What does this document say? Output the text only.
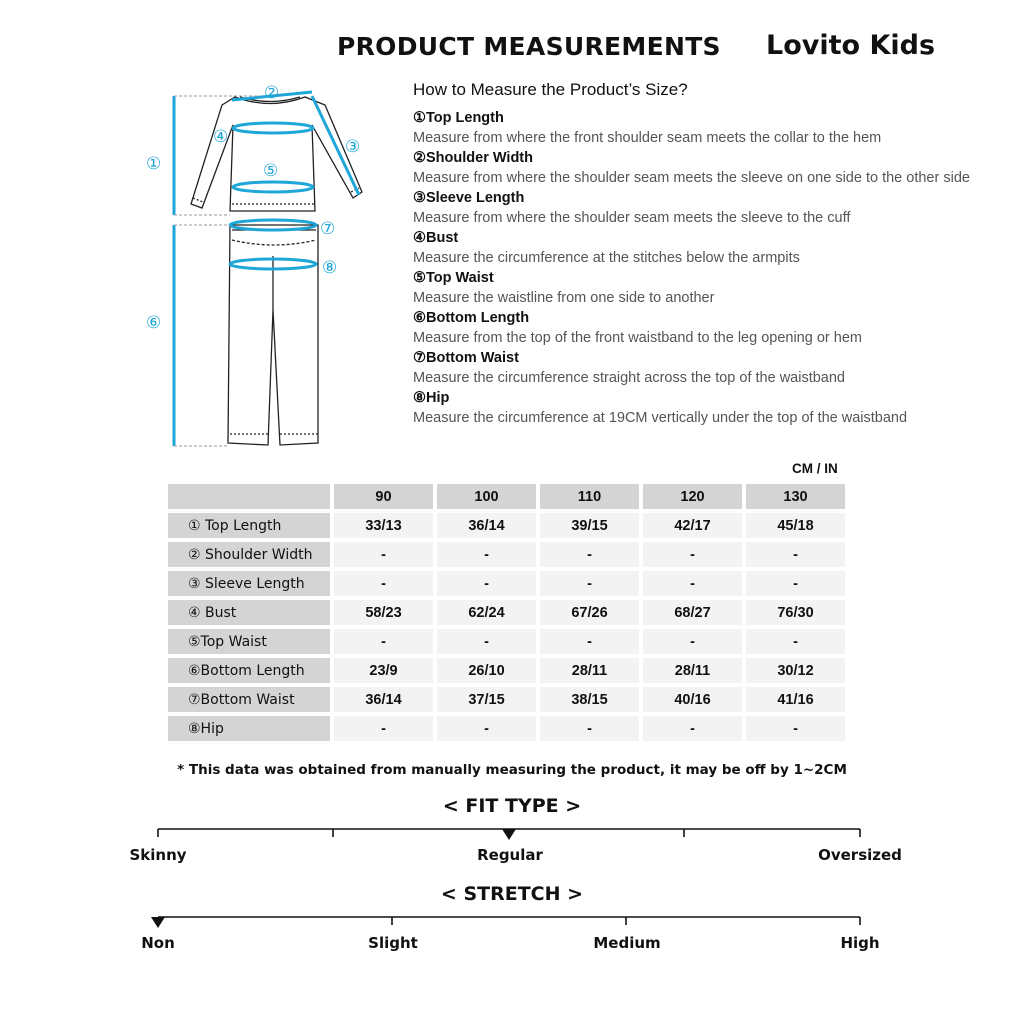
PRODUCT MEASUREMENTS Lovito Kids
①
②
③
④
⑤
⑥
⑦
⑧
How to Measure the Product’s Size?
①Top Length
Measure from where the front shoulder seam meets the collar to the hem
②Shoulder Width
Measure from where the shoulder seam meets the sleeve on one side to the other side
③Sleeve Length
Measure from where the shoulder seam meets the sleeve to the cuff
④Bust
Measure the circumference at the stitches below the armpits
⑤Top Waist
Measure the waistline from one side to another
⑥Bottom Length
Measure from the top of the front waistband to the leg opening or hem
⑦Bottom Waist
Measure the circumference straight across the top of the waistband
⑧Hip
Measure the circumference at 19CM vertically under the top of the waistband
CM / IN
	90	100	110	120	130
① Top Length	33/13	36/14	39/15	42/17	45/18
② Shoulder Width	-	-	-	-	-
③ Sleeve Length	-	-	-	-	-
④ Bust	58/23	62/24	67/26	68/27	76/30
⑤Top Waist	-	-	-	-	-
⑥Bottom Length	23/9	26/10	28/11	28/11	30/12
⑦Bottom Waist	36/14	37/15	38/15	40/16	41/16
⑧Hip	-	-	-	-	-
* This data was obtained from manually measuring the product, it may be off by 1~2CM
< FIT TYPE >
Skinny	Regular	Oversized
< STRETCH >
Non	Slight	Medium	High
